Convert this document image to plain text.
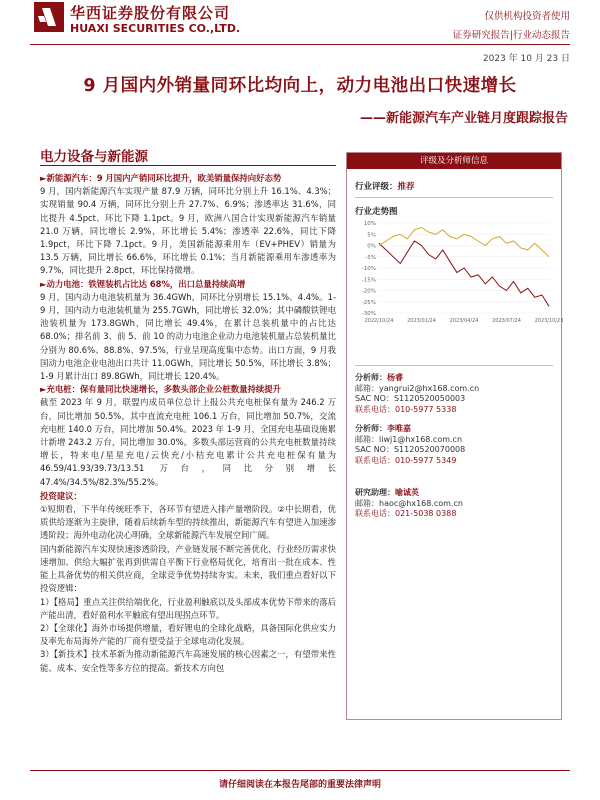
华西证券股份有限公司
HUAXI SECURITIES CO.,LTD.
仅供机构投资者使用
证券研究报告|行业动态报告
2023 年 10 月 23 日
9 月国内外销量同环比均向上，动力电池出口快速增长
——新能源汽车产业链月度跟踪报告
电力设备与新能源

►新能源汽车：9 月国内产销同环比提升，欧美销量保持向好态势

9 月，国内新能源汽车实现产量 87.9 万辆，同环比分别上升 16.1%、4.3%；实现销量 90.4 万辆，同环比分别上升 27.7%、6.9%；渗透率达 31.6%，同比提升 4.5pct、环比下降 1.1pct。9 月，欧洲八国合计实现新能源汽车销量 21.0 万辆，同比增长 2.9%，环比增长 5.4%；渗透率 22.6%，同比下降 1.9pct，环比下降 7.1pct。9 月，美国新能源乘用车（EV+PHEV）销量为 13.5 万辆，同比增长 66.6%，环比增长 0.1%；当月新能源乘用车渗透率为 9.7%，同比提升 2.8pct，环比保持微增。

►动力电池：铁锂装机占比达 68%，出口总量持续高增

9 月，国内动力电池装机量为 36.4GWh，同环比分别增长 15.1%、4.4%。1-9 月，国内动力电池装机量为 255.7GWh，同比增长 32.0%；其中磷酸铁锂电池装机量为 173.8GWh，同比增长 49.4%，在累计总装机量中的占比达 68.0%；排名前 3、前 5、前 10 的动力电池企业动力电池装机量占总装机量比分别为 80.6%、88.8%、97.5%，行业呈现高度集中态势。出口方面，9 月我国动力电池企业电池出口共计 11.0GWh，同比增长 50.5%，环比增长 3.8%；1-9 月累计出口 89.8GWh，同比增长 120.4%。

►充电桩：保有量同比快速增长，多数头部企业公桩数量持续提升

截至 2023 年 9 月，联盟内成员单位总计上报公共充电桩保有量为 246.2 万台，同比增加 50.5%，其中直流充电桩 106.1 万台，同比增加 50.7%，交流充电桩 140.0 万台，同比增加 50.4%。2023 年 1-9 月，全国充电基础设施累计新增 243.2 万台，同比增加 30.0%。多数头部运营商的公共充电桩数量持续增长，特来电/星星充电/云快充/小桔充电累计公共充电桩保有量为 46.59/41.93/39.73/13.51 万台，同比分别增长 47.4%/34.5%/82.3%/55.2%。

投资建议：

①短期看，下半年传统旺季下，各环节有望进入排产量增阶段。②中长期看，优质供给逐渐为主旋律，随着后续新车型的持续推出，新能源汽车有望进入加速渗透阶段；海外电动化决心明确，全球新能源汽车发展空间广阔。

国内新能源汽车实现快速渗透阶段，产业链发展不断完善优化，行业经历需求快速增加、供给大幅扩张再到供需自平衡下行业格局优化，培育出一批在成本、性能上具备优势的相关供应商，全球竞争优势持续夯实。未来，我们重点看好以下投资逻辑：

1）【格局】重点关注供给端优化，行业盈利触底以及头部成本优势下带来的落后产能出清，看好盈利水平触底有望出现拐点环节。

2）【全球化】海外市场提供增量，看好锂电的全球化战略，具备国际化供应实力及率先布局海外产能的厂商有望受益于全球电动化发展。

3）【新技术】技术革新为推动新能源汽车高速发展的核心因素之一，有望带来性能、成本、安全性等多方位的提高。新技术方向包

评级及分析师信息
行业评级：推荐
行业走势图
10%
5%
0%
-5%
-10%
-15%
-20%
-25%
-30%
2022/10/24	2023/01/24	2023/04/24	2023/07/24	2023/10/23
分析师：杨睿
邮箱：yangrui2@hx168.com.cn
SAC NO：S1120520050003
联系电话：010-5977 5338
分析师：李唯嘉
邮箱：liwj1@hx168.com.cn
SAC NO：S1120520070008
联系电话：010-5977 5349
研究助理：喻诚英
邮箱：haoc@hx168.com.cn
联系电话：021-5038 0388
请仔细阅读在本报告尾部的重要法律声明
